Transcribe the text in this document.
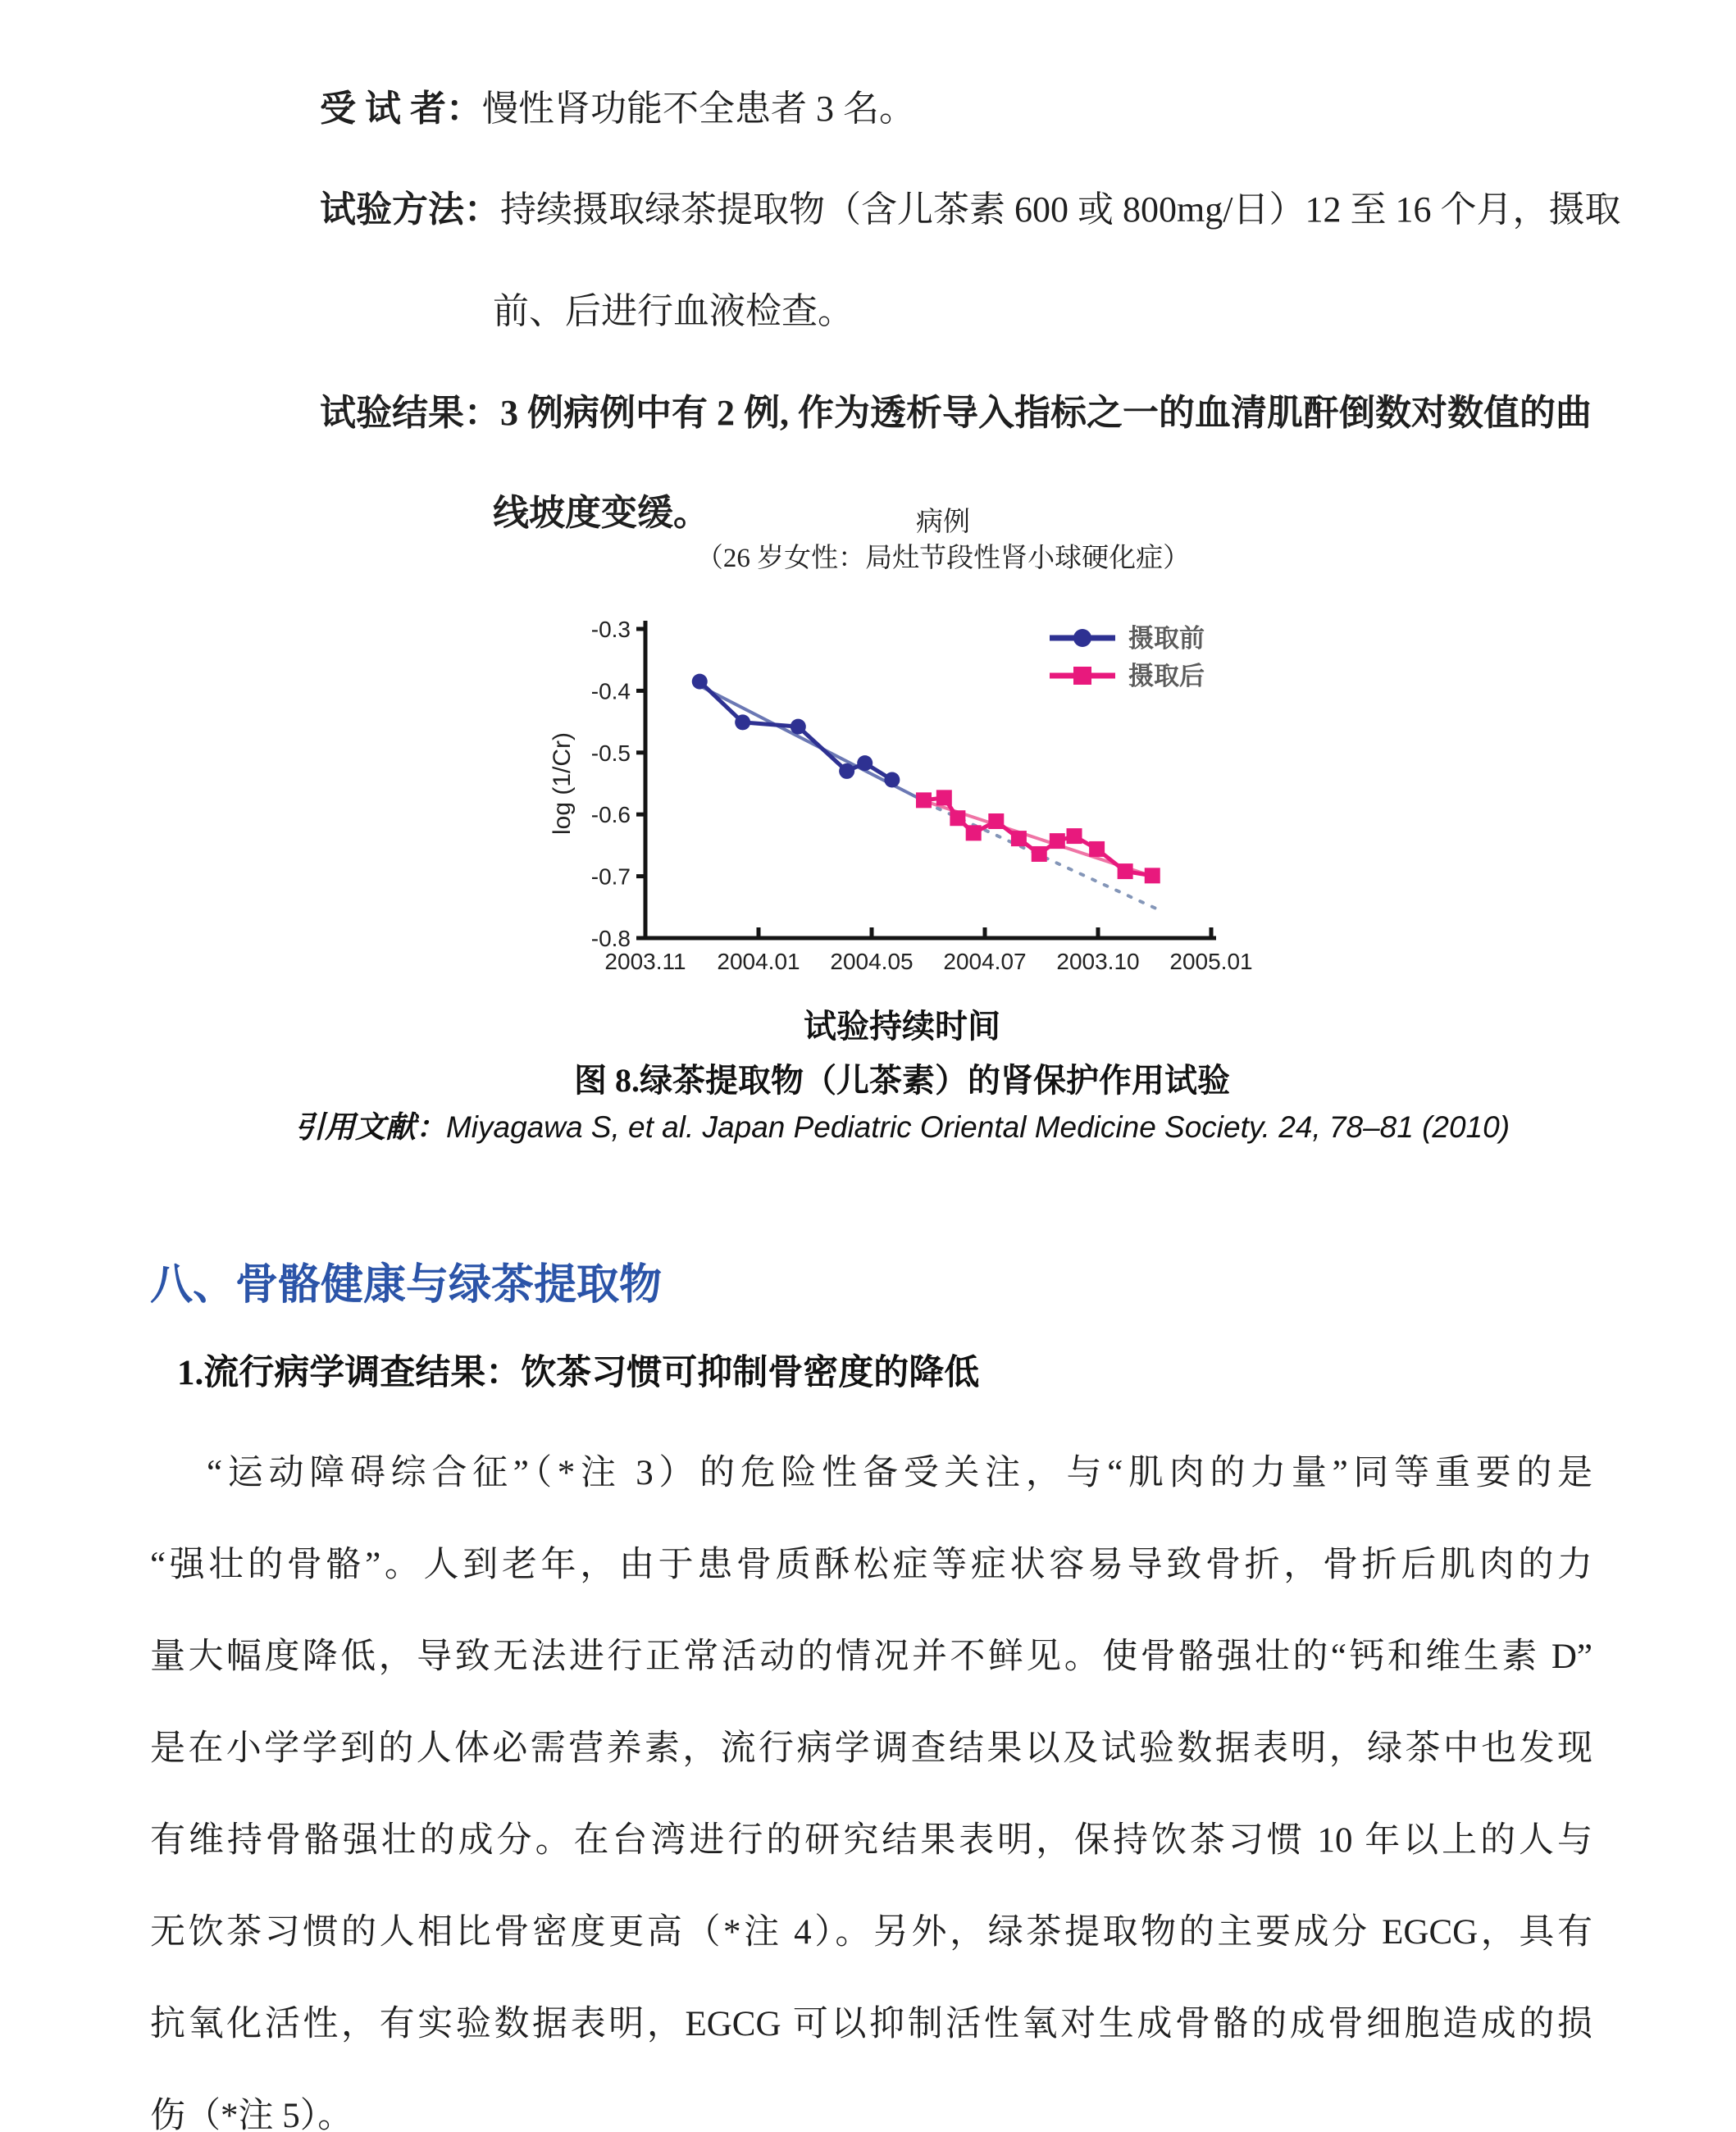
受 试 者：慢性肾功能不全患者 3 名。
试验方法：持续摄取绿茶提取物（含儿茶素 600 或 800mg/日）12 至 16 个月，摄取
前、后进行血液检查。
试验结果：3 例病例中有 2 例, 作为透析导入指标之一的血清肌酐倒数对数值的曲
线坡度变缓。	病例
（26 岁女性：局灶节段性肾小球硬化症）
-0.3
-0.4
-0.5
-0.6
-0.7
-0.8
2003.11 2004.01 2004.05 2004.07 2003.10 2005.01
log (1/Cr)
摄取前
摄取后
试验持续时间
图 8.绿茶提取物（儿茶素）的肾保护作用试验
引用文献：Miyagawa S, et al. Japan Pediatric Oriental Medicine Society. 24, 78–81 (2010)
八、骨骼健康与绿茶提取物
1.流行病学调查结果：饮茶习惯可抑制骨密度的降低
“运动障碍综合征”（*注 3）的危险性备受关注，与“肌肉的力量”同等重要的是
“强壮的骨骼”。人到老年，由于患骨质酥松症等症状容易导致骨折，骨折后肌肉的力
量大幅度降低，导致无法进行正常活动的情况并不鲜见。使骨骼强壮的“钙和维生素 D”
是在小学学到的人体必需营养素，流行病学调查结果以及试验数据表明，绿茶中也发现
有维持骨骼强壮的成分。在台湾进行的研究结果表明，保持饮茶习惯 10 年以上的人与
无饮茶习惯的人相比骨密度更高（*注 4）。另外，绿茶提取物的主要成分 EGCG，具有
抗氧化活性，有实验数据表明，EGCG 可以抑制活性氧对生成骨骼的成骨细胞造成的损
伤（*注 5）。
